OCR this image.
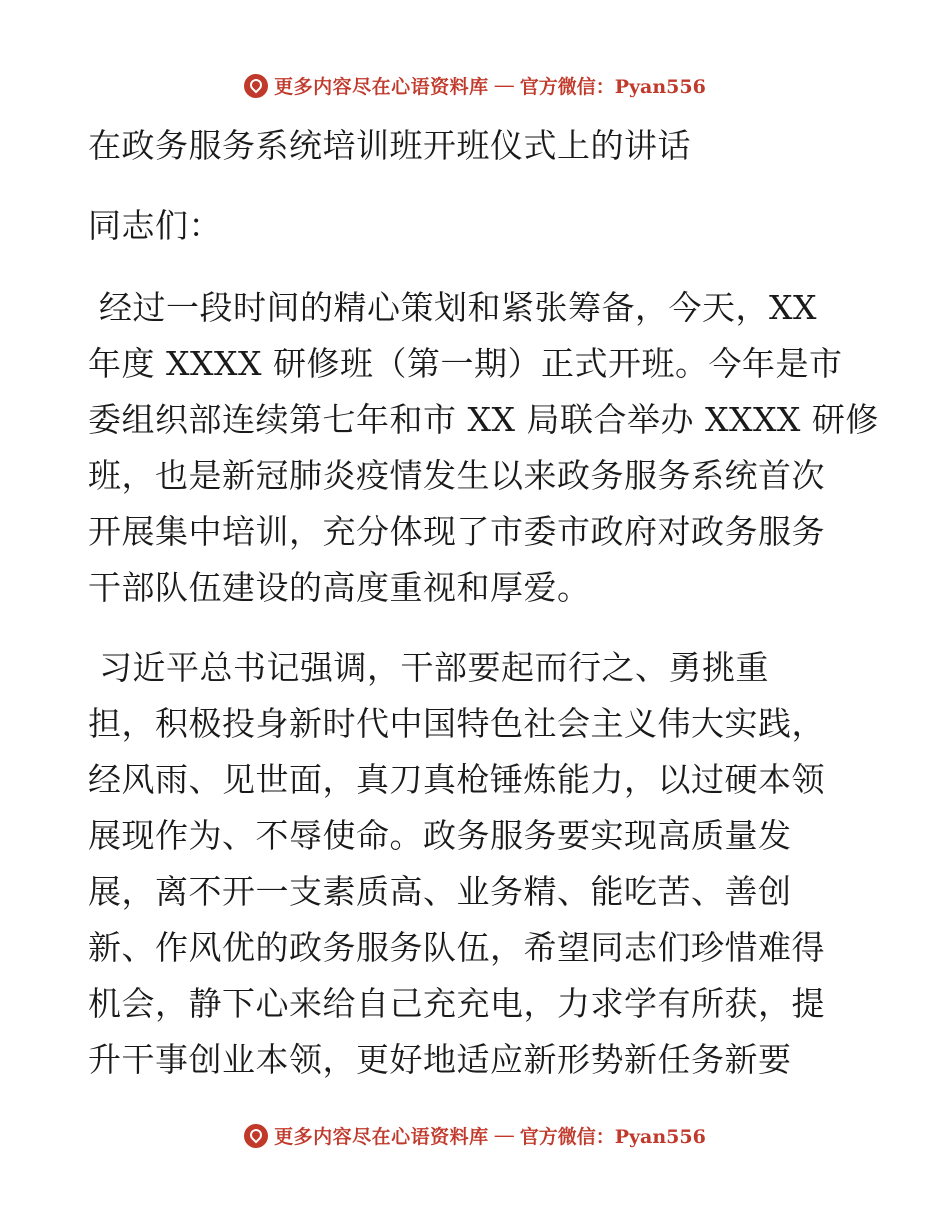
更多内容尽在心语资料库 — 官方微信：Pyan556
在政务服务系统培训班开班仪式上的讲话
同志们：
经过一段时间的精心策划和紧张筹备，今天，XX
年度 XXXX 研修班（第一期）正式开班。今年是市
委组织部连续第七年和市 XX 局联合举办 XXXX 研修
班，也是新冠肺炎疫情发生以来政务服务系统首次
开展集中培训，充分体现了市委市政府对政务服务
干部队伍建设的高度重视和厚爱。
习近平总书记强调，干部要起而行之、勇挑重
担，积极投身新时代中国特色社会主义伟大实践，
经风雨、见世面，真刀真枪锤炼能力，以过硬本领
展现作为、不辱使命。政务服务要实现高质量发
展，离不开一支素质高、业务精、能吃苦、善创
新、作风优的政务服务队伍，希望同志们珍惜难得
机会，静下心来给自己充充电，力求学有所获，提
升干事创业本领，更好地适应新形势新任务新要
更多内容尽在心语资料库 — 官方微信：Pyan556
